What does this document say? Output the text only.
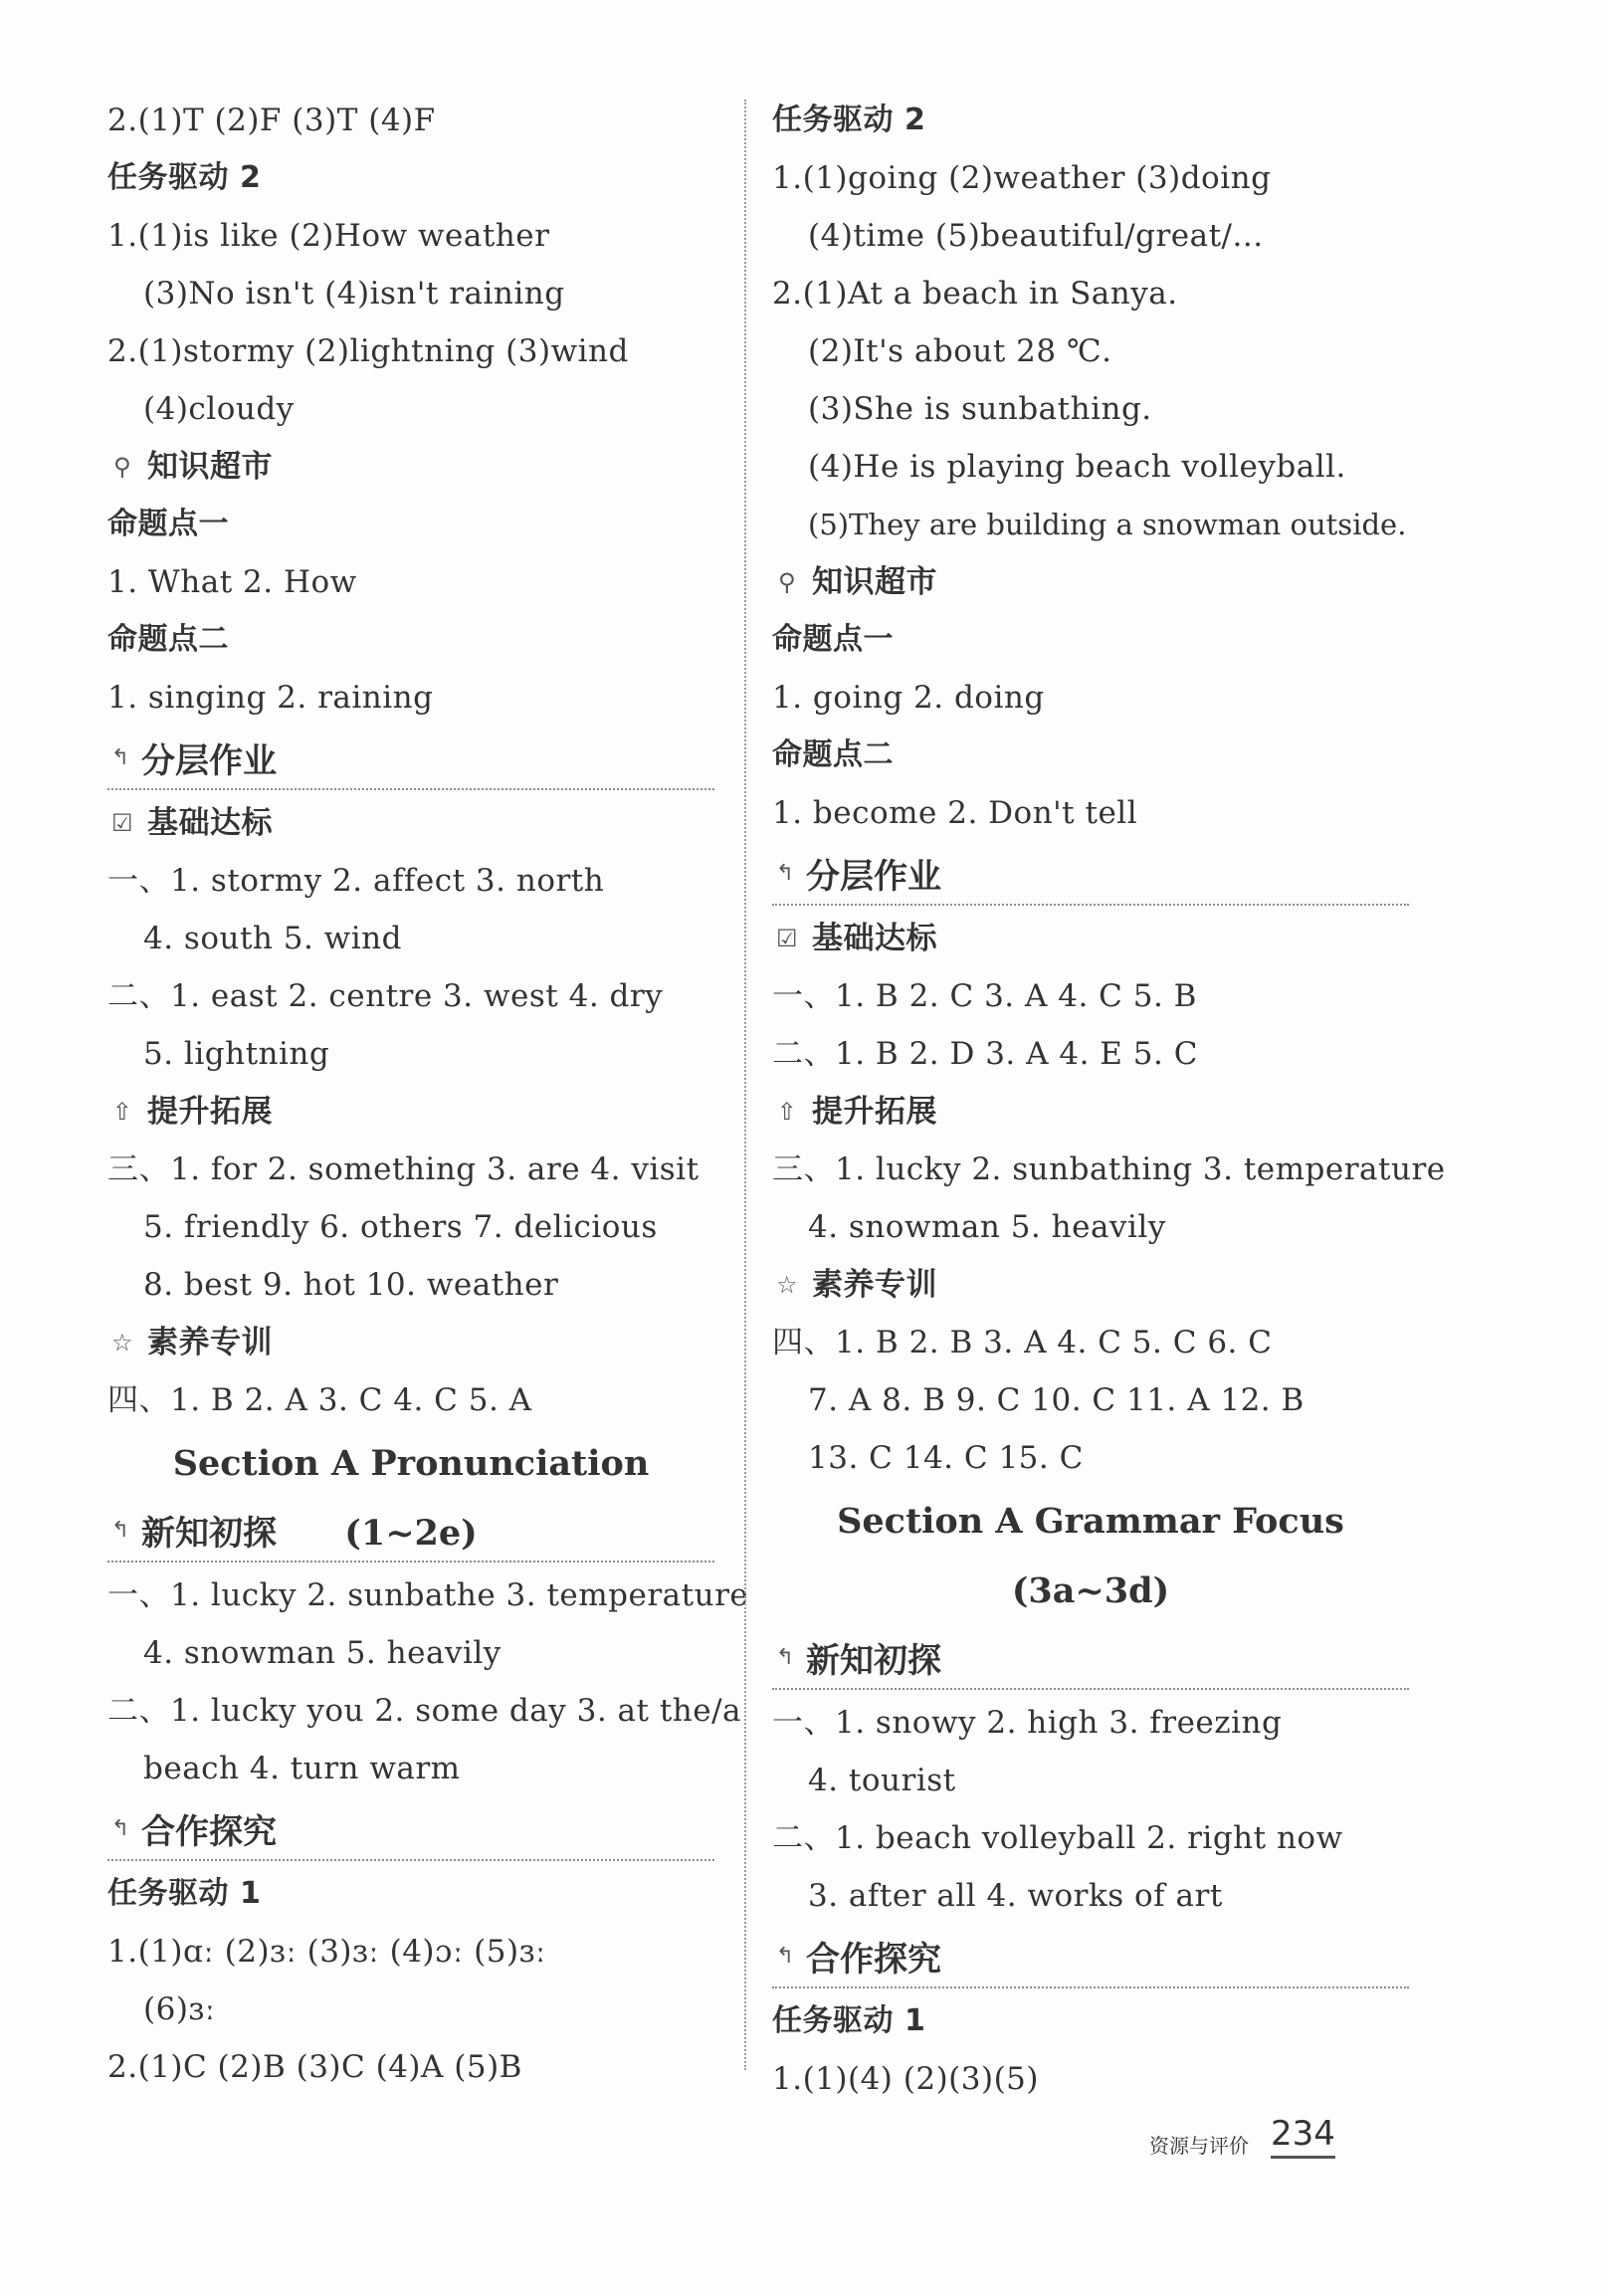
2.(1)T (2)F (3)T (4)F
任务驱动 2
1.(1)is like (2)How weather
(3)No isn't (4)isn't raining
2.(1)stormy (2)lightning (3)wind
(4)cloudy
⚲ 知识超市
命题点一
1. What 2. How
命题点二
1. singing 2. raining
↰ 分层作业
☑ 基础达标
一、1. stormy 2. affect 3. north
4. south 5. wind
二、1. east 2. centre 3. west 4. dry
5. lightning
⇧ 提升拓展
三、1. for 2. something 3. are 4. visit
5. friendly 6. others 7. delicious
8. best 9. hot 10. weather
☆ 素养专训
四、1. B 2. A 3. C 4. C 5. A
Section A Pronunciation (1~2e)
↰ 新知初探
一、1. lucky 2. sunbathe 3. temperature
4. snowman 5. heavily
二、1. lucky you 2. some day 3. at the/a
beach 4. turn warm
↰ 合作探究
任务驱动 1
1.(1)ɑː (2)ɜː (3)ɜː (4)ɔː (5)ɜː
(6)ɜː
2.(1)C (2)B (3)C (4)A (5)B
任务驱动 2
1.(1)going (2)weather (3)doing
(4)time (5)beautiful/great/...
2.(1)At a beach in Sanya.
(2)It's about 28 ℃.
(3)She is sunbathing.
(4)He is playing beach volleyball.
(5)They are building a snowman outside.
⚲ 知识超市
命题点一
1. going 2. doing
命题点二
1. become 2. Don't tell
↰ 分层作业
☑ 基础达标
一、1. B 2. C 3. A 4. C 5. B
二、1. B 2. D 3. A 4. E 5. C
⇧ 提升拓展
三、1. lucky 2. sunbathing 3. temperature
4. snowman 5. heavily
☆ 素养专训
四、1. B 2. B 3. A 4. C 5. C 6. C
7. A 8. B 9. C 10. C 11. A 12. B
13. C 14. C 15. C
Section A Grammar Focus
(3a~3d)
↰ 新知初探
一、1. snowy 2. high 3. freezing
4. tourist
二、1. beach volleyball 2. right now
3. after all 4. works of art
↰ 合作探究
任务驱动 1
1.(1)(4) (2)(3)(5)
资源与评价 234
